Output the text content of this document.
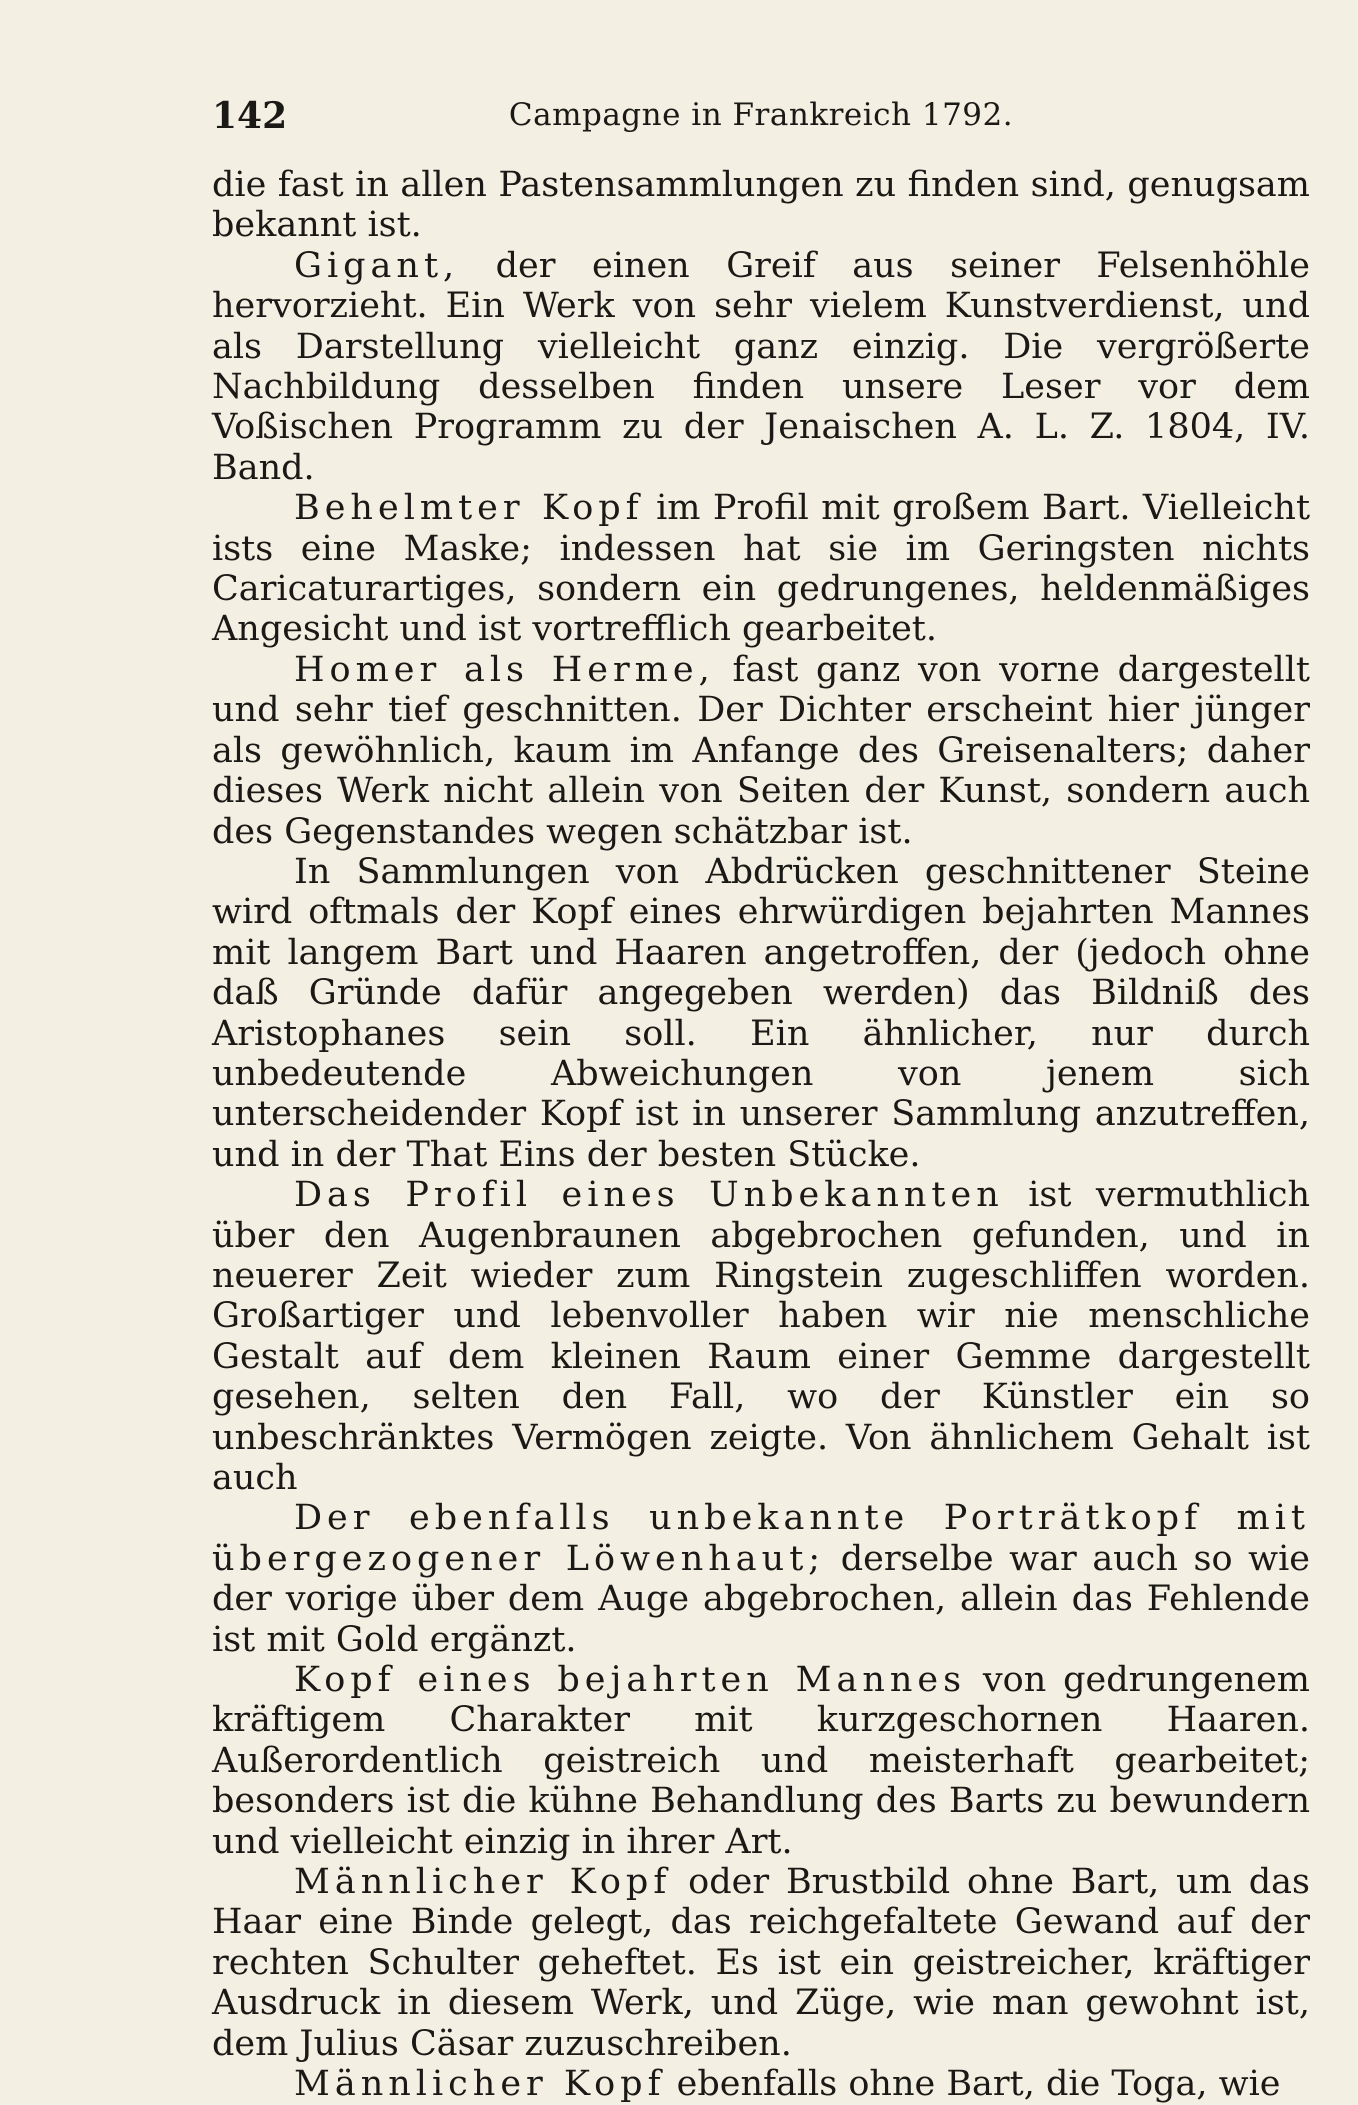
142	Campagne in Frankreich 1792.

die fast in allen Pastensammlungen zu finden sind, genugsam bekannt ist.

Gigant, der einen Greif aus seiner Felsenhöhle hervorzieht. Ein Werk von sehr vielem Kunstverdienst, und als Darstellung vielleicht ganz einzig. Die vergrößerte Nachbildung desselben finden unsere Leser vor dem Voßischen Programm zu der Jenaischen A. L. Z. 1804, IV. Band.

Behelmter Kopf im Profil mit großem Bart. Vielleicht ists eine Maske; indessen hat sie im Geringsten nichts Caricaturartiges, sondern ein gedrungenes, heldenmäßiges Angesicht und ist vortrefflich gearbeitet.

Homer als Herme, fast ganz von vorne dargestellt und sehr tief geschnitten. Der Dichter erscheint hier jünger als gewöhnlich, kaum im Anfange des Greisenalters; daher dieses Werk nicht allein von Seiten der Kunst, sondern auch des Gegenstandes wegen schätzbar ist.

In Sammlungen von Abdrücken geschnittener Steine wird oftmals der Kopf eines ehrwürdigen bejahrten Mannes mit langem Bart und Haaren angetroffen, der (jedoch ohne daß Gründe dafür angegeben werden) das Bildniß des Aristophanes sein soll. Ein ähnlicher, nur durch unbedeutende Abweichungen von jenem sich unterscheidender Kopf ist in unserer Sammlung anzutreffen, und in der That Eins der besten Stücke.

Das Profil eines Unbekannten ist vermuthlich über den Augenbraunen abgebrochen gefunden, und in neuerer Zeit wieder zum Ringstein zugeschliffen worden. Großartiger und lebenvoller haben wir nie menschliche Gestalt auf dem kleinen Raum einer Gemme dargestellt gesehen, selten den Fall, wo der Künstler ein so unbeschränktes Vermögen zeigte. Von ähnlichem Gehalt ist auch

Der ebenfalls unbekannte Porträtkopf mit übergezogener Löwenhaut; derselbe war auch so wie der vorige über dem Auge abgebrochen, allein das Fehlende ist mit Gold ergänzt.

Kopf eines bejahrten Mannes von gedrungenem kräftigem Charakter mit kurzgeschornen Haaren. Außerordentlich geistreich und meisterhaft gearbeitet; besonders ist die kühne Behandlung des Barts zu bewundern und vielleicht einzig in ihrer Art.

Männlicher Kopf oder Brustbild ohne Bart, um das Haar eine Binde gelegt, das reichgefaltete Gewand auf der rechten Schulter geheftet. Es ist ein geistreicher, kräftiger Ausdruck in diesem Werk, und Züge, wie man gewohnt ist, dem Julius Cäsar zuzuschreiben.

Männlicher Kopf ebenfalls ohne Bart, die Toga, wie
